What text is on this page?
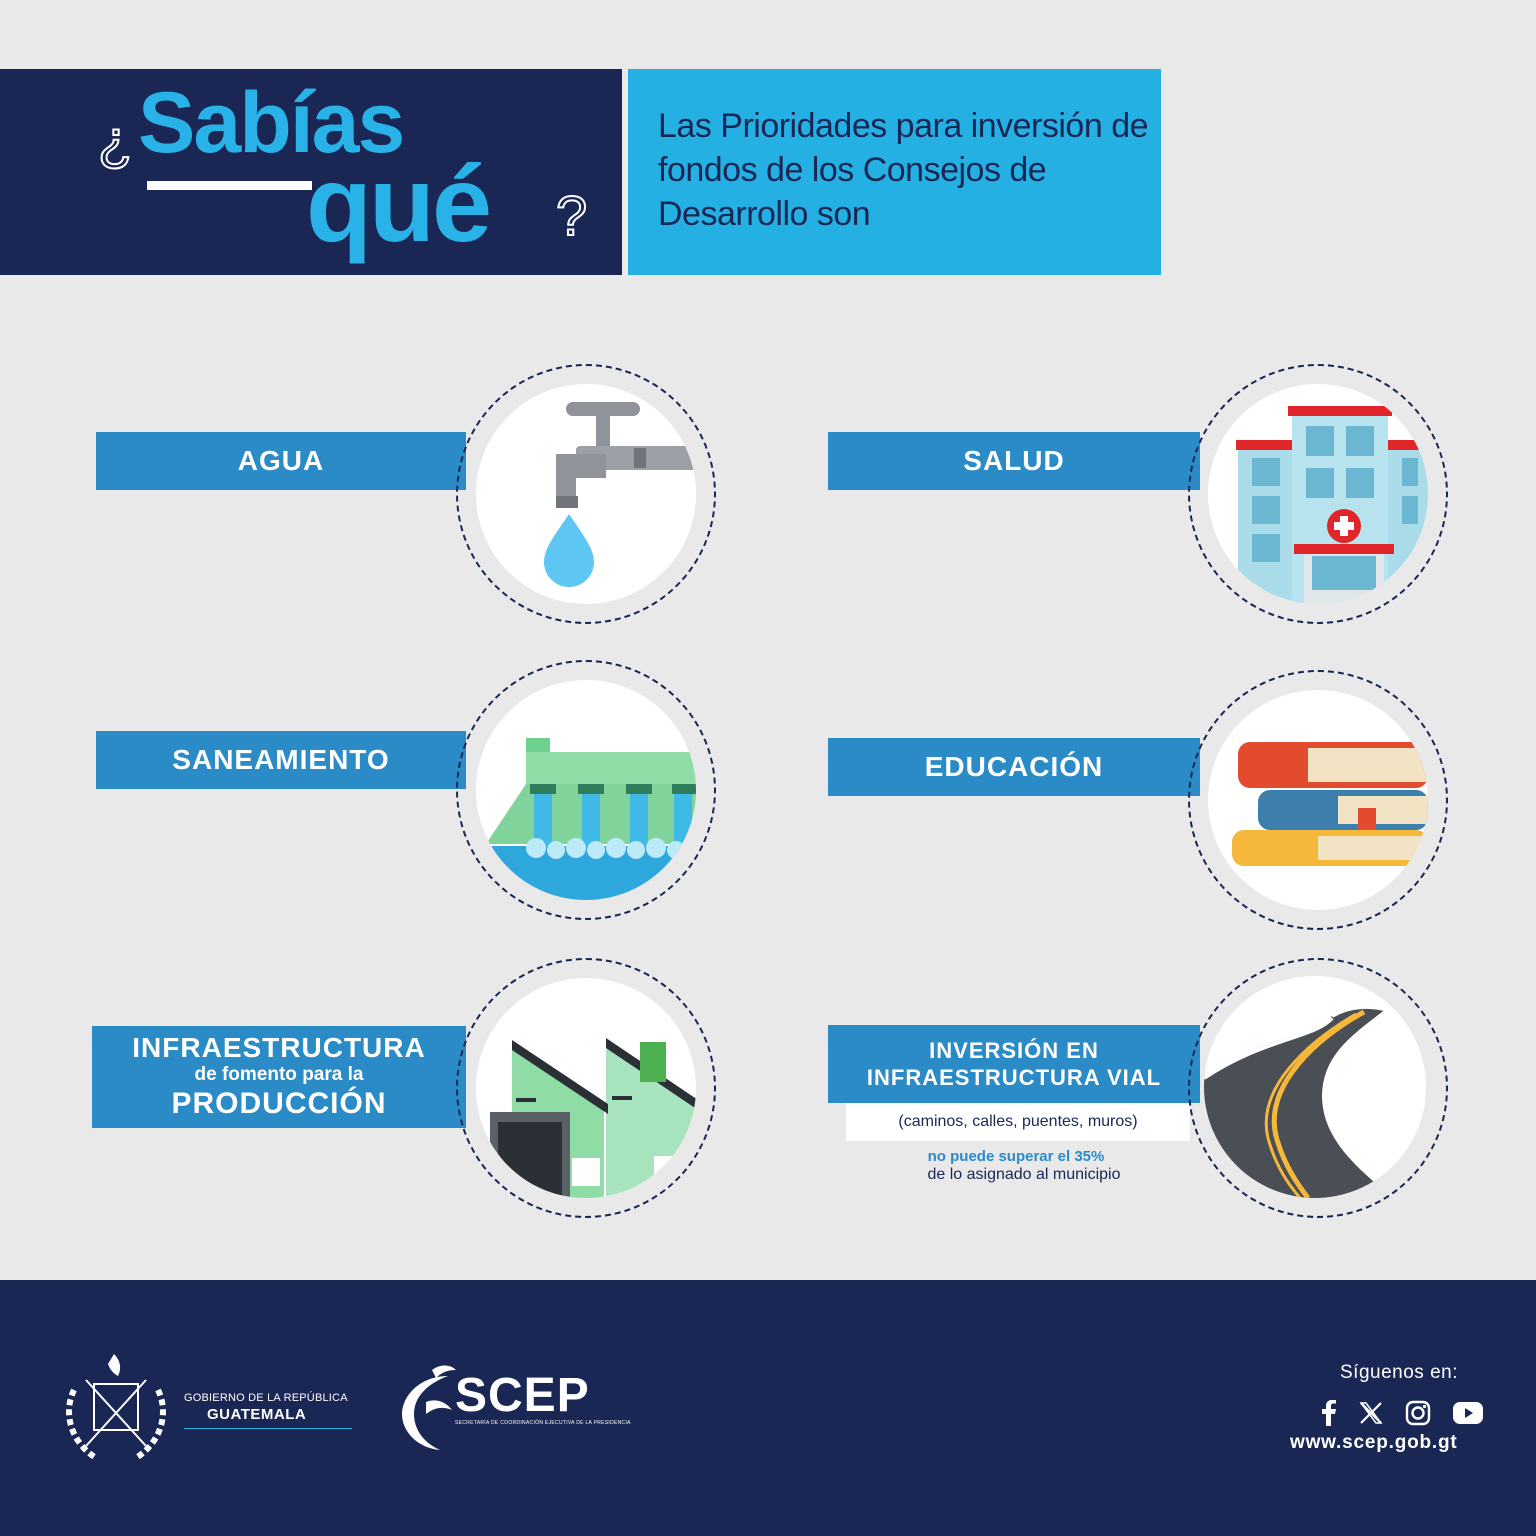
¿ Sabías
qué ?
Las Prioridades para inversión de fondos de los Consejos de Desarrollo son
AGUA	SALUD
SANEAMIENTO	EDUCACIÓN
INFRAESTRUCTURA
de fomento para la
PRODUCCIÓN
INVERSIÓN EN
INFRAESTRUCTURA VIAL
(caminos, calles, puentes, muros)
no puede superar el 35%
de lo asignado al municipio
GOBIERNO DE LA REPÚBLICA
GUATEMALA	SCEP
SECRETARÍA DE COORDINACIÓN EJECUTIVA DE LA PRESIDENCIA
Síguenos en:
www.scep.gob.gt
